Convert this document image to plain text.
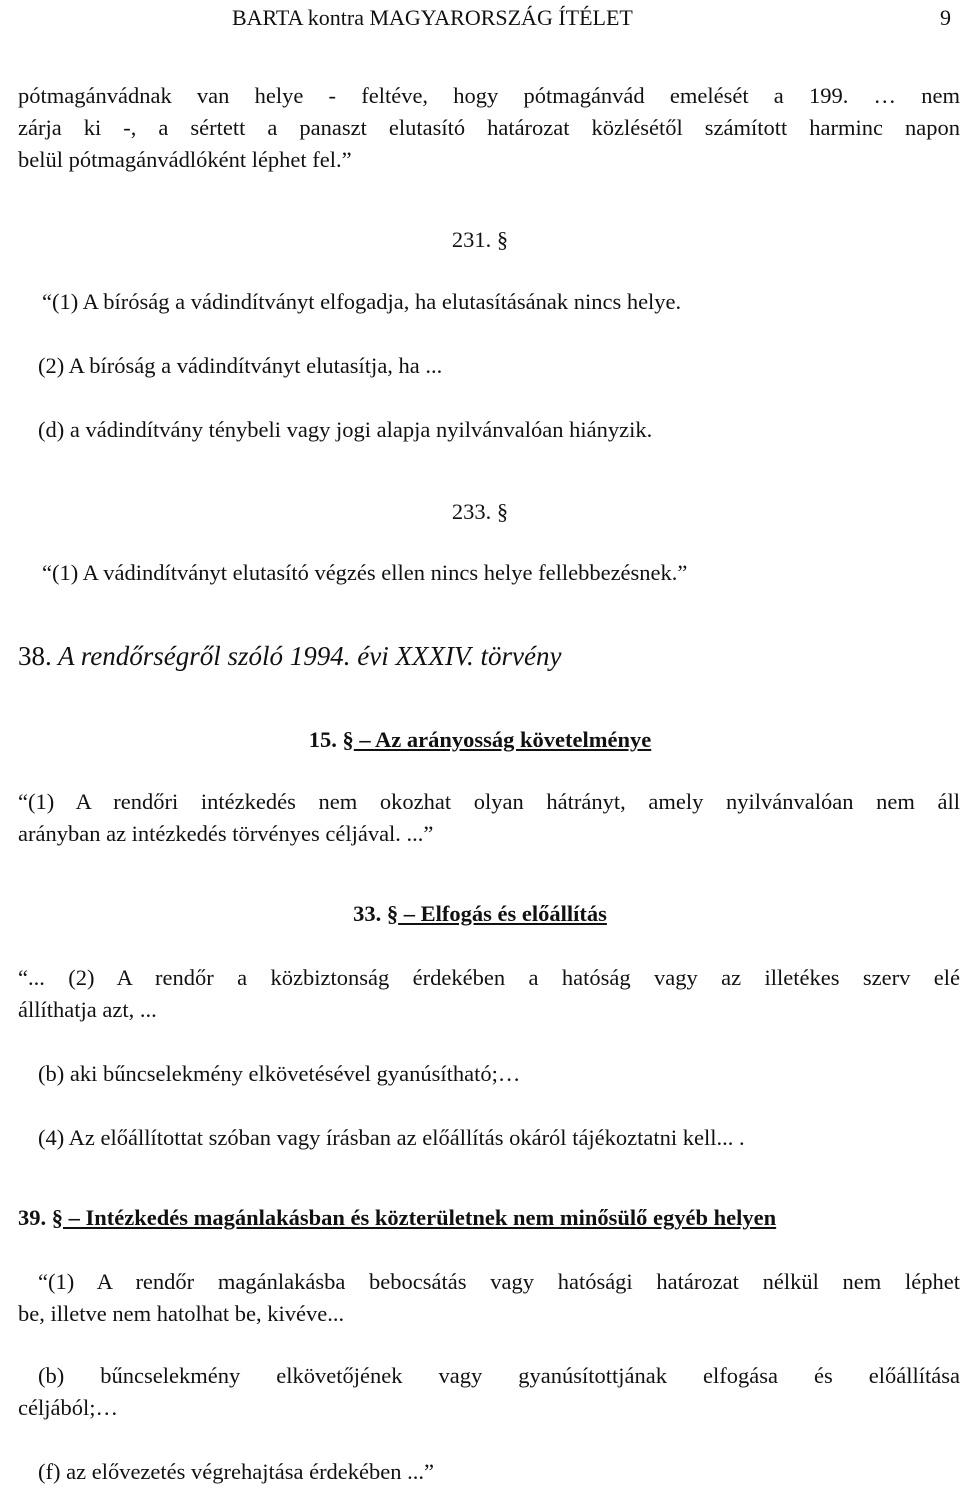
BARTA kontra MAGYARORSZÁG ÍTÉLET	9

pótmagánvádnak van helye - feltéve, hogy pótmagánvád emelését a 199. … nem

zárja ki -, a sértett a panaszt elutasító határozat közlésétől számított harminc napon

belül pótmagánvádlóként léphet fel.”

231. §

“(1) A bíróság a vádindítványt elfogadja, ha elutasításának nincs helye.

(2) A bíróság a vádindítványt elutasítja, ha ...

(d) a vádindítvány ténybeli vagy jogi alapja nyilvánvalóan hiányzik.

233. §

“(1) A vádindítványt elutasító végzés ellen nincs helye fellebbezésnek.”

38. A rendőrségről szóló 1994. évi XXXIV. törvény

15. § – Az arányosság követelménye

“(1) A rendőri intézkedés nem okozhat olyan hátrányt, amely nyilvánvalóan nem áll

arányban az intézkedés törvényes céljával. ...”

33. § – Elfogás és előállítás

“... (2) A rendőr a közbiztonság érdekében a hatóság vagy az illetékes szerv elé

állíthatja azt, ...

(b) aki bűncselekmény elkövetésével gyanúsítható;…

(4) Az előállítottat szóban vagy írásban az előállítás okáról tájékoztatni kell... .

39. § – Intézkedés magánlakásban és közterületnek nem minősülő egyéb helyen

“(1) A rendőr magánlakásba bebocsátás vagy hatósági határozat nélkül nem léphet

be, illetve nem hatolhat be, kivéve...

(b) bűncselekmény elkövetőjének vagy gyanúsítottjának elfogása és előállítása

céljából;…

(f) az elővezetés végrehajtása érdekében ...”
